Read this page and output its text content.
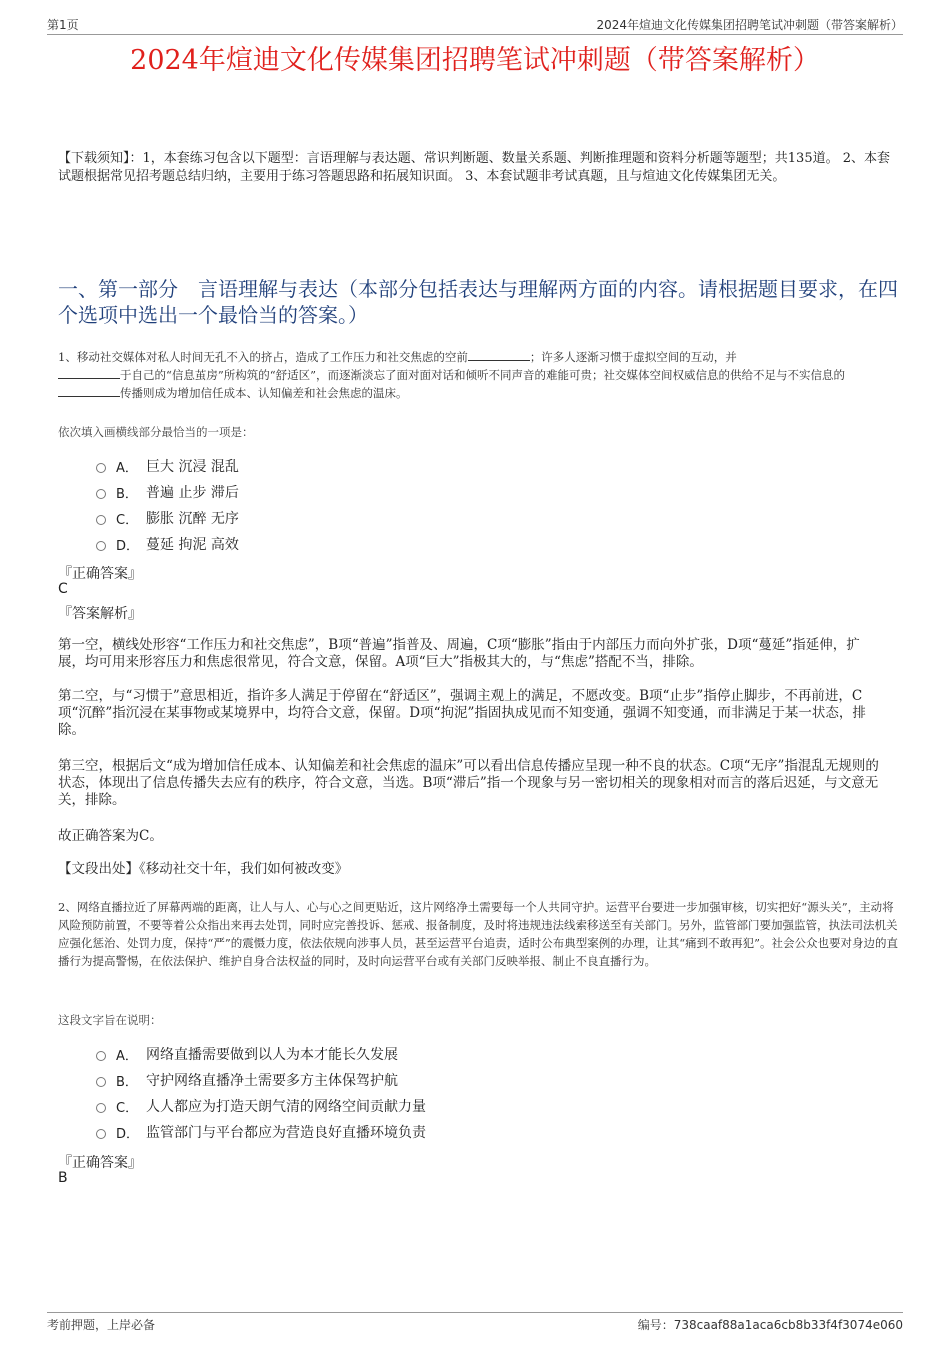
第1页	2024年煊迪文化传媒集团招聘笔试冲刺题（带答案解析）
2024年煊迪文化传媒集团招聘笔试冲刺题（带答案解析）
【下载须知】：1，本套练习包含以下题型：言语理解与表达题、常识判断题、数量关系题、判断推理题和资料分析题等题型；共135道。 2、本套试题根据常见招考题总结归纳，主要用于练习答题思路和拓展知识面。 3、本套试题非考试真题，且与煊迪文化传媒集团无关。
一、第一部分　言语理解与表达（本部分包括表达与理解两方面的内容。请根据题目要求，在四个选项中选出一个最恰当的答案。）
1、移动社交媒体对私人时间无孔不入的挤占，造成了工作压力和社交焦虑的空前	；许多人逐渐习惯于虚拟空间的互动，并
于自己的“信息茧房”所构筑的“舒适区”，而逐渐淡忘了面对面对话和倾听不同声音的难能可贵；社交媒体空间权威信息的供给不足与不实信息的传播则成为增加信任成本、认知偏差和社会焦虑的温床。
依次填入画横线部分最恰当的一项是：
A． 巨大 沉浸 混乱
B． 普遍 止步 滞后
C． 膨胀 沉醉 无序
D． 蔓延 拘泥 高效
『正确答案』
C
『答案解析』
第一空，横线处形容“工作压力和社交焦虑”，B项“普遍”指普及、周遍，C项“膨胀”指由于内部压力而向外扩张，D项“蔓延”指延伸，扩展，均可用来形容压力和焦虑很常见，符合文意，保留。A项“巨大”指极其大的，与“焦虑”搭配不当，排除。
第二空，与“习惯于”意思相近，指许多人满足于停留在“舒适区”，强调主观上的满足，不愿改变。B项“止步”指停止脚步，不再前进，C项“沉醉”指沉浸在某事物或某境界中，均符合文意，保留。D项“拘泥”指固执成见而不知变通，强调不知变通，而非满足于某一状态，排除。
第三空，根据后文“成为增加信任成本、认知偏差和社会焦虑的温床”可以看出信息传播应呈现一种不良的状态。C项“无序”指混乱无规则的状态，体现出了信息传播失去应有的秩序，符合文意，当选。B项“滞后”指一个现象与另一密切相关的现象相对而言的落后迟延，与文意无关，排除。
故正确答案为C。
【文段出处】《移动社交十年，我们如何被改变》
2、网络直播拉近了屏幕两端的距离，让人与人、心与心之间更贴近，这片网络净土需要每一个人共同守护。运营平台要进一步加强审核，切实把好“源头关”，主动将风险预防前置，不要等着公众指出来再去处罚，同时应完善投诉、惩戒、报备制度，及时将违规违法线索移送至有关部门。另外，监管部门要加强监管，执法司法机关应强化惩治、处罚力度，保持“严”的震慑力度，依法依规向涉事人员，甚至运营平台追责，适时公布典型案例的办理，让其“痛到不敢再犯”。社会公众也要对身边的直播行为提高警惕，在依法保护、维护自身合法权益的同时，及时向运营平台或有关部门反映举报、制止不良直播行为。
这段文字旨在说明：
A． 网络直播需要做到以人为本才能长久发展
B． 守护网络直播净土需要多方主体保驾护航
C． 人人都应为打造天朗气清的网络空间贡献力量
D． 监管部门与平台都应为营造良好直播环境负责
『正确答案』
B
考前押题，上岸必备	编号：738caaf88a1aca6cb8b33f4f3074e060
